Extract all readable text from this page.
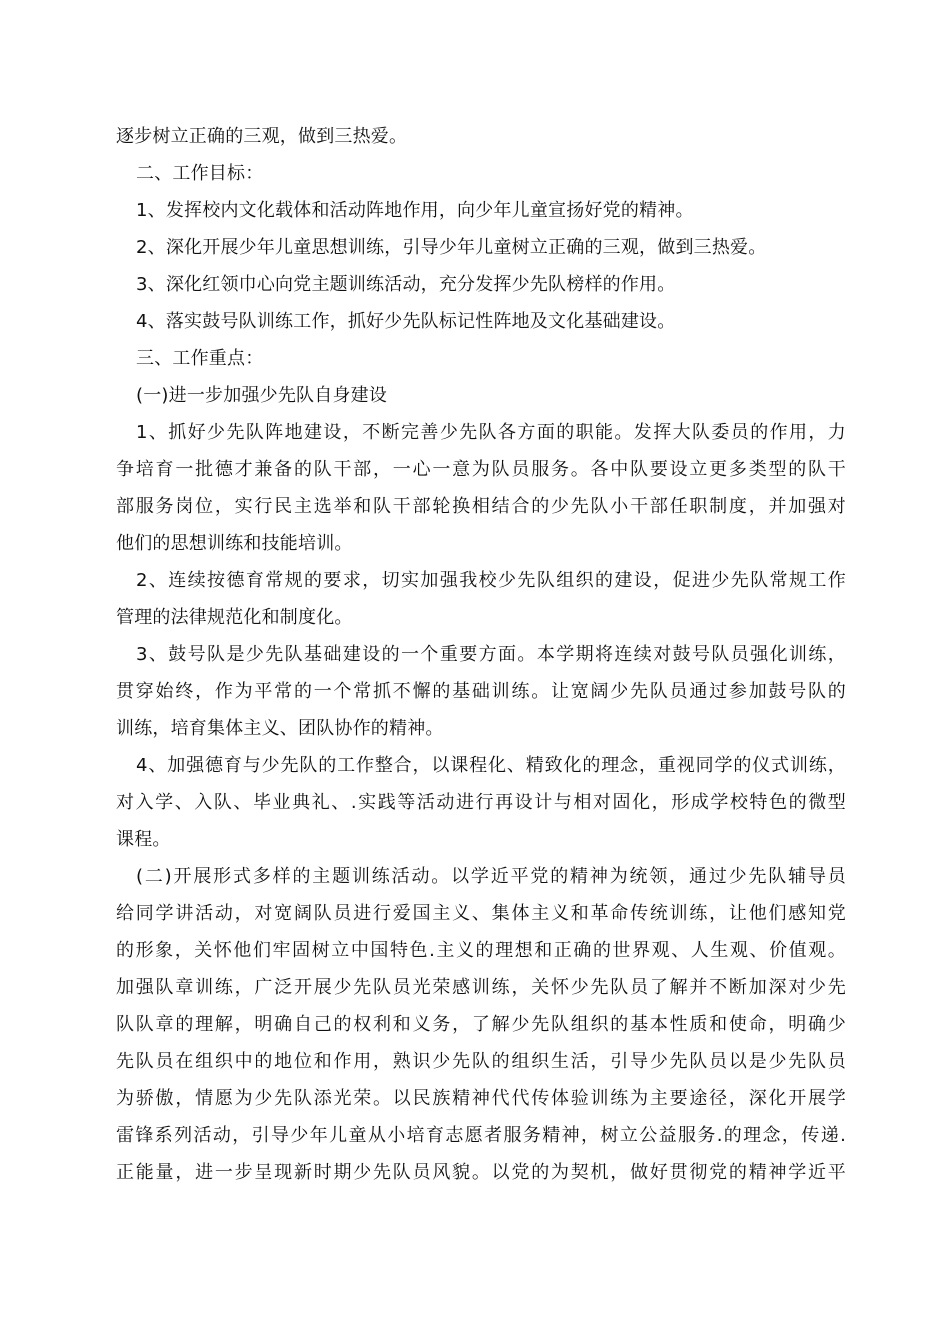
逐步树立正确的三观，做到三热爱。
二、工作目标：
1、发挥校内文化载体和活动阵地作用，向少年儿童宣扬好党的精神。
2、深化开展少年儿童思想训练，引导少年儿童树立正确的三观，做到三热爱。
3、深化红领巾心向党主题训练活动，充分发挥少先队榜样的作用。
4、落实鼓号队训练工作，抓好少先队标记性阵地及文化基础建设。
三、工作重点：
(一)进一步加强少先队自身建设
1、抓好少先队阵地建设，不断完善少先队各方面的职能。发挥大队委员的作用，力
争培育一批德才兼备的队干部，一心一意为队员服务。各中队要设立更多类型的队干
部服务岗位，实行民主选举和队干部轮换相结合的少先队小干部任职制度，并加强对
他们的思想训练和技能培训。
2、连续按德育常规的要求，切实加强我校少先队组织的建设，促进少先队常规工作
管理的法律规范化和制度化。
3、鼓号队是少先队基础建设的一个重要方面。本学期将连续对鼓号队员强化训练，
贯穿始终，作为平常的一个常抓不懈的基础训练。让宽阔少先队员通过参加鼓号队的
训练，培育集体主义、团队协作的精神。
4、加强德育与少先队的工作整合，以课程化、精致化的理念，重视同学的仪式训练，
对入学、入队、毕业典礼、.实践等活动进行再设计与相对固化，形成学校特色的微型
课程。
(二)开展形式多样的主题训练活动。以学近平党的精神为统领，通过少先队辅导员
给同学讲活动，对宽阔队员进行爱国主义、集体主义和革命传统训练，让他们感知党
的形象，关怀他们牢固树立中国特色.主义的理想和正确的世界观、人生观、价值观。
加强队章训练，广泛开展少先队员光荣感训练，关怀少先队员了解并不断加深对少先
队队章的理解，明确自己的权利和义务，了解少先队组织的基本性质和使命，明确少
先队员在组织中的地位和作用，熟识少先队的组织生活，引导少先队员以是少先队员
为骄傲，情愿为少先队添光荣。以民族精神代代传体验训练为主要途径，深化开展学
雷锋系列活动，引导少年儿童从小培育志愿者服务精神，树立公益服务.的理念，传递.
正能量，进一步呈现新时期少先队员风貌。以党的为契机，做好贯彻党的精神学近平
